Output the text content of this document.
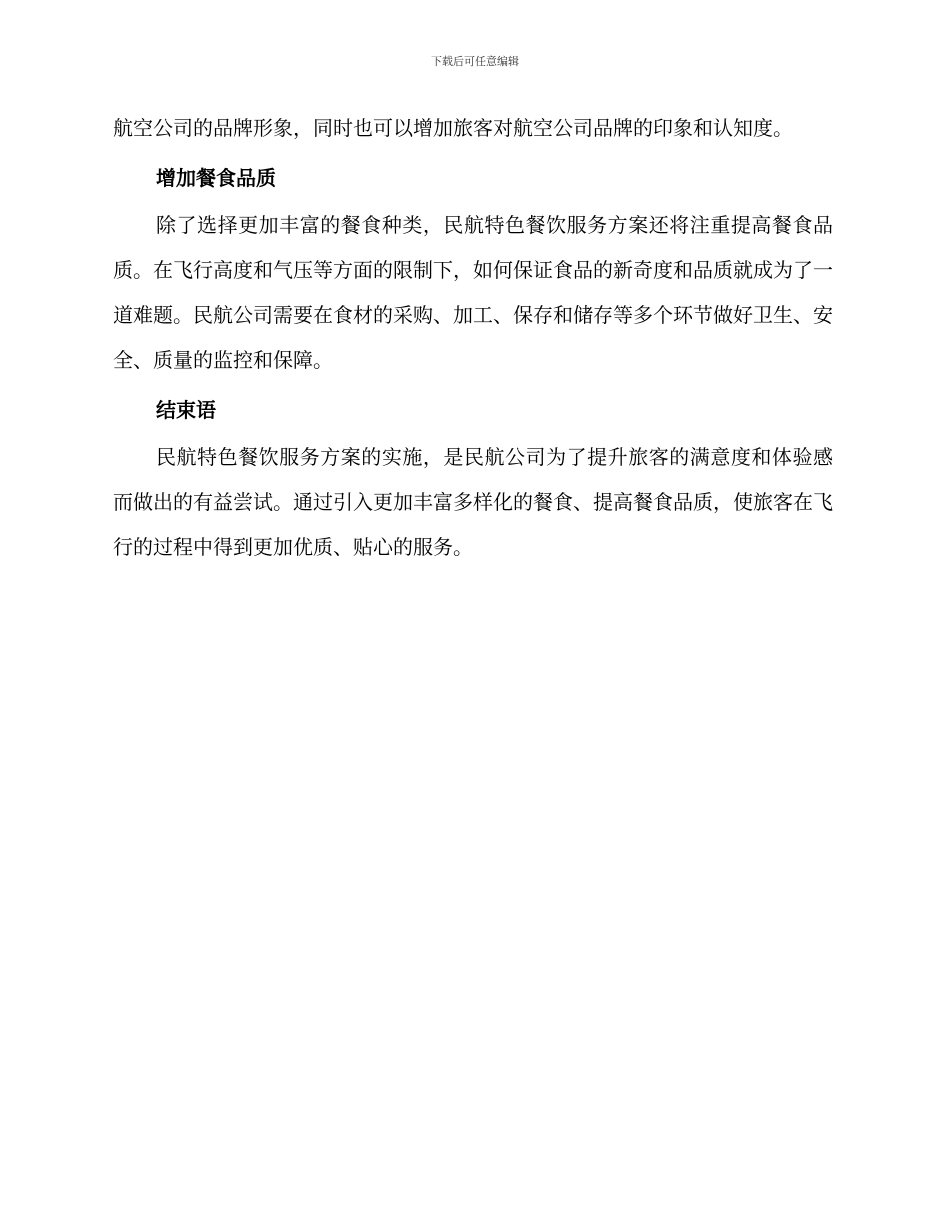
下载后可任意编辑

航空公司的品牌形象，同时也可以增加旅客对航空公司品牌的印象和认知度。

增加餐食品质

除了选择更加丰富的餐食种类，民航特色餐饮服务方案还将注重提高餐食品质。在飞行高度和气压等方面的限制下，如何保证食品的新奇度和品质就成为了一道难题。民航公司需要在食材的采购、加工、保存和储存等多个环节做好卫生、安全、质量的监控和保障。

结束语

民航特色餐饮服务方案的实施，是民航公司为了提升旅客的满意度和体验感而做出的有益尝试。通过引入更加丰富多样化的餐食、提高餐食品质，使旅客在飞行的过程中得到更加优质、贴心的服务。
